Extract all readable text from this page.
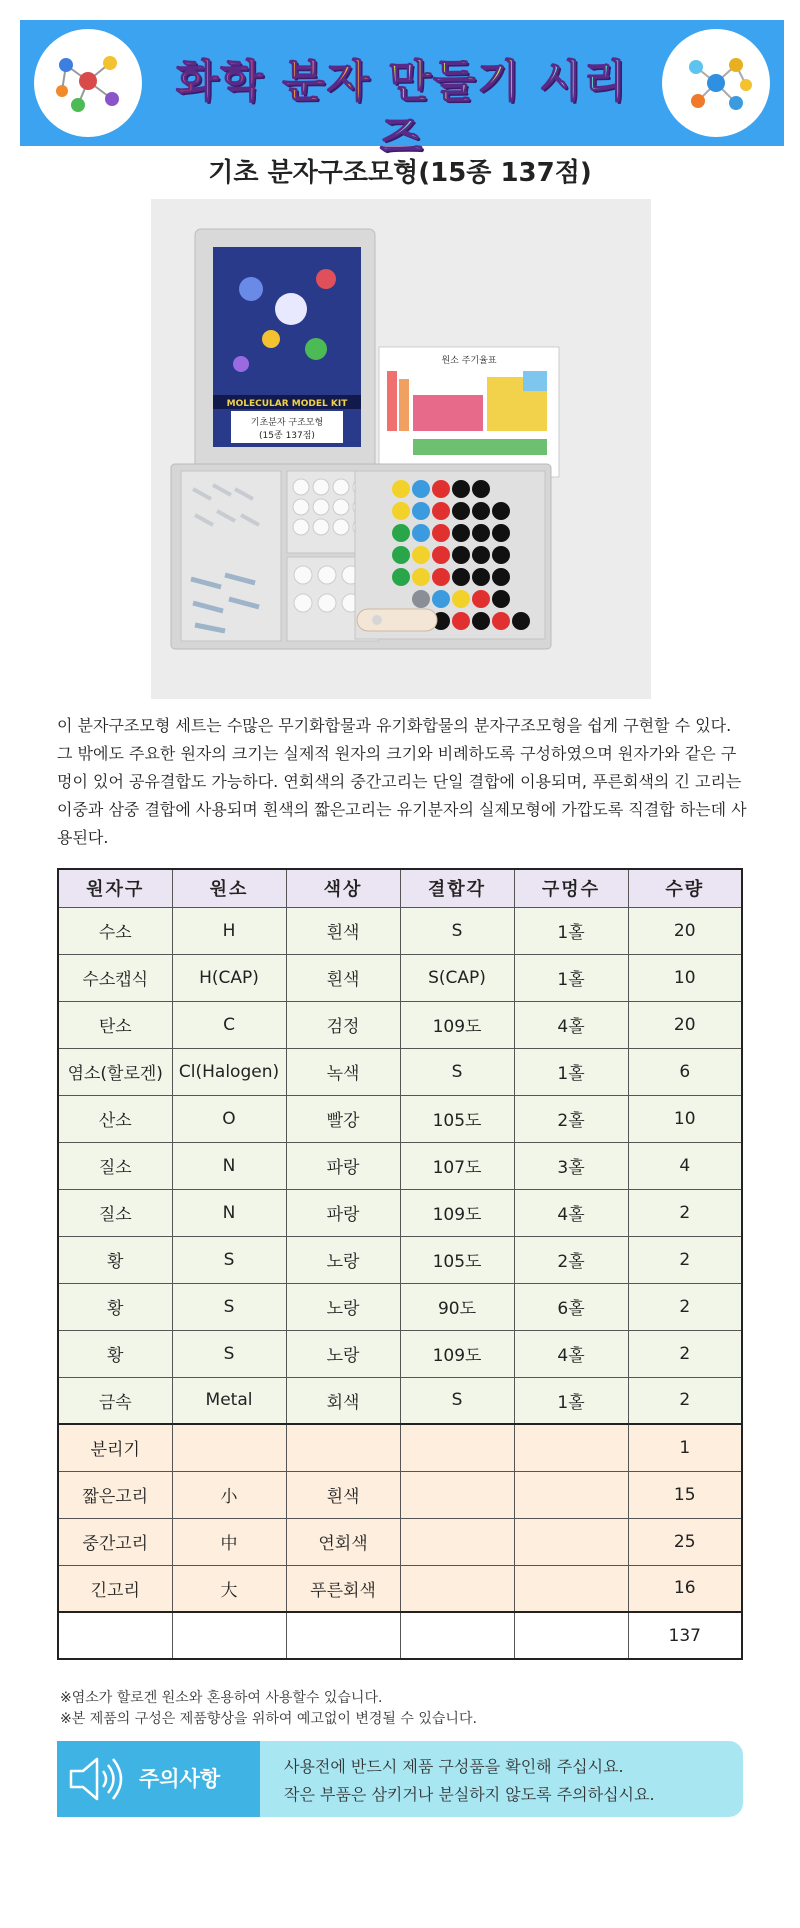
화학 분자 만들기 시리즈
기초 분자구조모형(15종 137점)
MOLECULAR MODEL KIT
기초분자 구조모형
(15종 137점)
원소 주기율표

이 분자구조모형 세트는 수많은 무기화합물과 유기화합물의 분자구조모형을 쉽게 구현할 수 있다. 그 밖에도 주요한 원자의 크기는 실제적 원자의 크기와 비례하도록 구성하였으며 원자가와 같은 구멍이 있어 공유결합도 가능하다. 연회색의 중간고리는 단일 결합에 이용되며, 푸른회색의 긴 고리는 이중과 삼중 결합에 사용되며 흰색의 짧은고리는 유기분자의 실제모형에 가깝도록 직결합 하는데 사용된다.

원자구	원소	색상	결합각	구멍수	수량
수소	H	흰색	S	1홀	20
수소캡식	H(CAP)	흰색	S(CAP)	1홀	10
탄소	C	검정	109도	4홀	20
염소(할로겐)	Cl(Halogen)	녹색	S	1홀	6
산소	O	빨강	105도	2홀	10
질소	N	파랑	107도	3홀	4
질소	N	파랑	109도	4홀	2
황	S	노랑	105도	2홀	2
황	S	노랑	90도	6홀	2
황	S	노랑	109도	4홀	2
금속	Metal	회색	S	1홀	2
분리기					1
짧은고리	小	흰색			15
중간고리	中	연회색			25
긴고리	大	푸른회색			16
					137
※염소가 할로겐 원소와 혼용하여 사용할수 있습니다.
※본 제품의 구성은 제품향상을 위하여 예고없이 변경될 수 있습니다.
주의사항
사용전에 반드시 제품 구성품을 확인해 주십시요.
작은 부품은 삼키거나 분실하지 않도록 주의하십시요.
